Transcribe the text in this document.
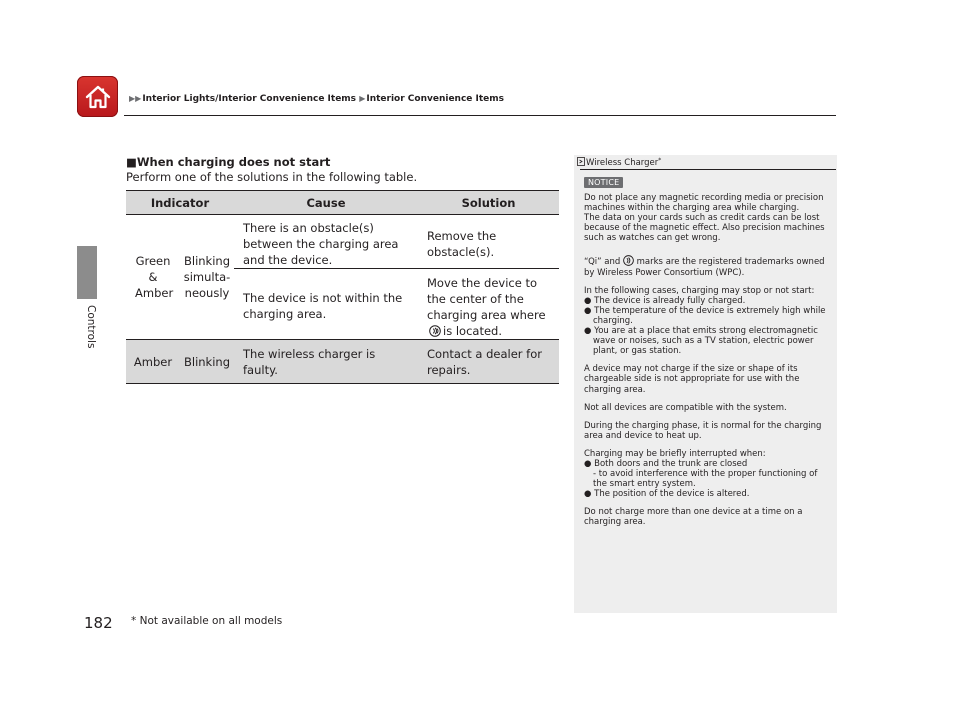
▶▶Interior Lights/Interior Convenience Items ▶Interior Convenience Items
Controls
■When charging does not start
Perform one of the solutions in the following table.
Indicator		Cause	Solution

Green & Amber	Blinking simulta-neously	There is an obstacle(s) between the charging area and the device.	Remove the obstacle(s).
		The device is not within the charging area.	Move the device to the center of the charging area whereis located.
Amber	Blinking	The wireless charger is faulty.	Contact a dealer for repairs.
Wireless Charger*
NOTICE

Do not place any magnetic recording media or precision machines within the charging area while charging.
The data on your cards such as credit cards can be lost because of the magnetic effect. Also precision machines such as watches can get wrong.

“Qi” and marks are the registered trademarks owned by Wireless Power Consortium (WPC).

In the following cases, charging may stop or not start:

● The device is already fully charged.
● The temperature of the device is extremely high while charging.
● You are at a place that emits strong electromagnetic wave or noises, such as a TV station, electric power plant, or gas station.

A device may not charge if the size or shape of its chargeable side is not appropriate for use with the charging area.

Not all devices are compatible with the system.

During the charging phase, it is normal for the charging area and device to heat up.

Charging may be briefly interrupted when:

● Both doors and the trunk are closed
- to avoid interference with the proper functioning of the smart entry system.
● The position of the device is altered.

Do not charge more than one device at a time on a charging area.

182 * Not available on all models
